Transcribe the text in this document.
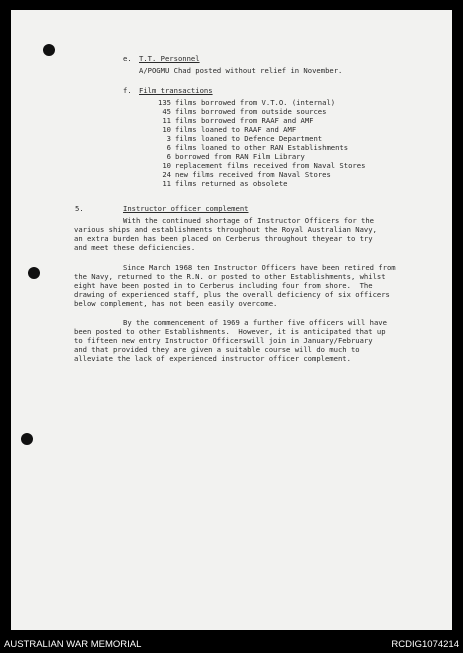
e. T.T. Personnel
A/POGMU Chad posted without relief in November.
f. Film transactions
135 films borrowed from V.T.O. (internal)
45 films borrowed from outside sources
11 films borrowed from RAAF and AMF
10 films loaned to RAAF and AMF
3 films loaned to Defence Department
6 films loaned to other RAN Establishments
6 borrowed from RAN Film Library
10 replacement films received from Naval Stores
24 new films received from Naval Stores
11 films returned as obsolete
5.	Instructor officer complement
With the continued shortage of Instructor Officers for the
various ships and establishments throughout the Royal Australian Navy,
an extra burden has been placed on Cerberus throughout theyear to try
and meet these deficiencies.
Since March 1968 ten Instructor Officers have been retired from
the Navy, returned to the R.N. or posted to other Establishments, whilst
eight have been posted in to Cerberus including four from shore.  The
drawing of experienced staff, plus the overall deficiency of six officers
below complement, has not been easily overcome.
By the commencement of 1969 a further five officers will have
been posted to other Establishments.  However, it is anticipated that up
to fifteen new entry Instructor Officerswill join in January/February
and that provided they are given a suitable course will do much to
alleviate the lack of experienced instructor officer complement.
AUSTRALIAN WAR MEMORIAL	RCDIG1074214
